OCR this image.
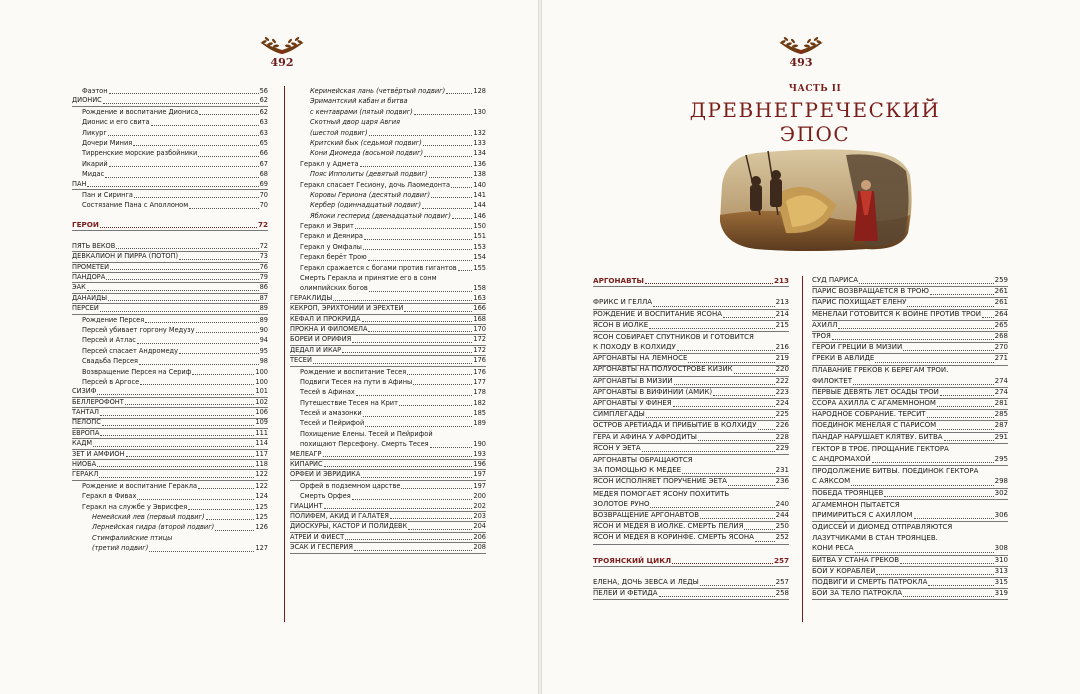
492
Фаэтон	56
ДИОНИС	62
Рождение и воспитание Диониса	62
Дионис и его свита	63
Ликург	63
Дочери Миния	65
Тирренские морские разбойники	66
Икарий	67
Мидас	68
ПАН	69
Пан и Сиринга	70
Состязание Пана с Аполлоном	70
ГЕРОИ	72
ПЯТЬ ВЕКОВ	72
ДЕВКАЛИОН И ПИРРА (ПОТОП)	73
ПРОМЕТЕЙ	76
ПАНДОРА	79
ЭАК	86
ДАНАИДЫ	87
ПЕРСЕЙ	89
Рождение Персея	89
Персей убивает горгону Медузу	90
Персей и Атлас	94
Персей спасает Андромеду	95
Свадьба Персея	98
Возвращение Персея на Сериф	100
Персей в Аргосе	100
СИЗИФ	101
БЕЛЛЕРОФОНТ	102
ТАНТАЛ	106
ПЕЛОПС	109
ЕВРОПА	111
КАДМ	114
ЗЕТ И АМФИОН	117
НИОБА	118
ГЕРАКЛ	122
Рождение и воспитание Геракла	122
Геракл в Фивах	124
Геракл на службе у Эврисфея	125
Немейский лев (первый подвиг)	125
Лернейская гидра (второй подвиг)	126
Стимфалийские птицы
(третий подвиг)	127
Керинейская лань (четвёртый подвиг)	128
Эримантский кабан и битва
с кентаврами (пятый подвиг)	130
Скотный двор царя Авгия
(шестой подвиг)	132
Критский бык (седьмой подвиг)	133
Кони Диомеда (восьмой подвиг)	134
Геракл у Адмета	136
Пояс Ипполиты (девятый подвиг)	138
Геракл спасает Гесиону, дочь Лаомедонта	140
Коровы Гериона (десятый подвиг)	141
Кербер (одиннадцатый подвиг)	144
Яблоки гесперид (двенадцатый подвиг)	146
Геракл и Эврит	150
Геракл и Деянира	151
Геракл у Омфалы	153
Геракл берёт Трою	154
Геракл сражается с богами против гигантов	155
Смерть Геракла и принятие его в сонм
олимпийских богов	158
ГЕРАКЛИДЫ	163
КЕКРОП, ЭРИХТОНИЙ И ЭРЕХТЕЙ	166
КЕФАЛ И ПРОКРИДА	168
ПРОКНА И ФИЛОМЕЛА	170
БОРЕЙ И ОРИФИЯ	172
ДЕДАЛ И ИКАР	172
ТЕСЕЙ	176
Рождение и воспитание Тесея	176
Подвиги Тесея на пути в Афины	177
Тесей в Афинах	178
Путешествие Тесея на Крит	182
Тесей и амазонки	185
Тесей и Пейрифой	189
Похищение Елены. Тесей и Пейрифой
похищают Персефону. Смерть Тесея	190
МЕЛЕАГР	193
КИПАРИС	196
ОРФЕЙ И ЭВРИДИКА	197
Орфей в подземном царстве	197
Смерть Орфея	200
ГИАЦИНТ	202
ПОЛИФЕМ, АКИД И ГАЛАТЕЯ	203
ДИОСКУРЫ, КАСТОР И ПОЛИДЕВК	204
АТРЕЙ И ФИЕСТ	206
ЭСАК И ГЕСПЕРИЯ	208
493
ЧАСТЬ II
ДРЕВНЕГРЕЧЕСКИЙ ЭПОС
АРГОНАВТЫ	213
ФРИКС И ГЕЛЛА	213
РОЖДЕНИЕ И ВОСПИТАНИЕ ЯСОНА	214
ЯСОН В ИОЛКЕ	215
ЯСОН СОБИРАЕТ СПУТНИКОВ И ГОТОВИТСЯ
К ПОХОДУ В КОЛХИДУ	216
АРГОНАВТЫ НА ЛЕМНОСЕ	219
АРГОНАВТЫ НА ПОЛУОСТРОВЕ КИЗИК	220
АРГОНАВТЫ В МИЗИИ	222
АРГОНАВТЫ В ВИФИНИИ (АМИК)	223
АРГОНАВТЫ У ФИНЕЯ	224
СИМПЛЕГАДЫ	225
ОСТРОВ АРЕТИАДА И ПРИБЫТИЕ В КОЛХИДУ	226
ГЕРА И АФИНА У АФРОДИТЫ	228
ЯСОН У ЭЕТА	229
АРГОНАВТЫ ОБРАЩАЮТСЯ
ЗА ПОМОЩЬЮ К МЕДЕЕ	231
ЯСОН ИСПОЛНЯЕТ ПОРУЧЕНИЕ ЭЕТА	236
МЕДЕЯ ПОМОГАЕТ ЯСОНУ ПОХИТИТЬ
ЗОЛОТОЕ РУНО	240
ВОЗВРАЩЕНИЕ АРГОНАВТОВ	244
ЯСОН И МЕДЕЯ В ИОЛКЕ. СМЕРТЬ ПЕЛИЯ	250
ЯСОН И МЕДЕЯ В КОРИНФЕ. СМЕРТЬ ЯСОНА	252
ТРОЯНСКИЙ ЦИКЛ	257
ЕЛЕНА, ДОЧЬ ЗЕВСА И ЛЕДЫ	257
ПЕЛЕЙ И ФЕТИДА	258
СУД ПАРИСА	259
ПАРИС ВОЗВРАЩАЕТСЯ В ТРОЮ	261
ПАРИС ПОХИЩАЕТ ЕЛЕНУ	261
МЕНЕЛАЙ ГОТОВИТСЯ К ВОЙНЕ ПРОТИВ ТРОИ 264
АХИЛЛ	265
ТРОЯ	268
ГЕРОИ ГРЕЦИИ В МИЗИИ	270
ГРЕКИ В АВЛИДЕ	271
ПЛАВАНИЕ ГРЕКОВ К БЕРЕГАМ ТРОИ.
ФИЛОКТЕТ	274
ПЕРВЫЕ ДЕВЯТЬ ЛЕТ ОСАДЫ ТРОИ	274
ССОРА АХИЛЛА С АГАМЕМНОНОМ	281
НАРОДНОЕ СОБРАНИЕ. ТЕРСИТ	285
ПОЕДИНОК МЕНЕЛАЯ С ПАРИСОМ	287
ПАНДАР НАРУШАЕТ КЛЯТВУ. БИТВА	291
ГЕКТОР В ТРОЕ. ПРОЩАНИЕ ГЕКТОРА
С АНДРОМАХОЙ	295
ПРОДОЛЖЕНИЕ БИТВЫ. ПОЕДИНОК ГЕКТОРА
С АЯКСОМ	298
ПОБЕДА ТРОЯНЦЕВ	302
АГАМЕМНОН ПЫТАЕТСЯ
ПРИМИРИТЬСЯ С АХИЛЛОМ	306
ОДИССЕЙ И ДИОМЕД ОТПРАВЛЯЮТСЯ
ЛАЗУТЧИКАМИ В СТАН ТРОЯНЦЕВ.
КОНИ РЕСА	308
БИТВА У СТАНА ГРЕКОВ	310
БОЙ У КОРАБЛЕЙ	313
ПОДВИГИ И СМЕРТЬ ПАТРОКЛА	315
БОЙ ЗА ТЕЛО ПАТРОКЛА	319
